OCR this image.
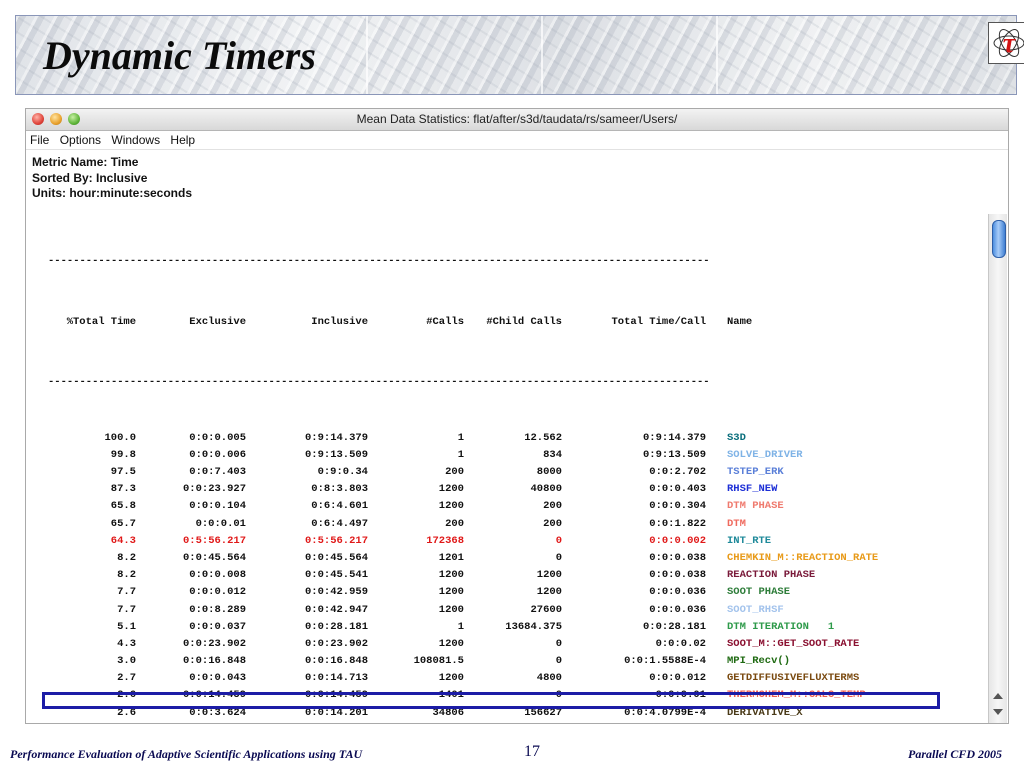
Dynamic Timers	τ
Mean Data Statistics: flat/after/s3d/taudata/rs/sameer/Users/
File Options Windows Help
Metric Name: Time
Sorted By: Inclusive
Units: hour:minute:seconds

---------------------------------------------------------------------------------------------------------

%Total Time	Exclusive	Inclusive	#Calls #Child Calls	Total Time/Call Name

---------------------------------------------------------------------------------------------------------

100.0	0:0:0.005	0:9:14.379	1	12.562	0:9:14.379 S3D
99.8	0:0:0.006	0:9:13.509	1	834	0:9:13.509 SOLVE_DRIVER
97.5	0:0:7.403	0:9:0.34	200	8000	0:0:2.702 TSTEP_ERK
87.3	0:0:23.927	0:8:3.803	1200	40800	0:0:0.403 RHSF_NEW
65.8	0:0:0.104	0:6:4.601	1200	200	0:0:0.304 DTM PHASE
65.7	0:0:0.01	0:6:4.497	200	200	0:0:1.822 DTM
64.3	0:5:56.217	0:5:56.217	172368	0	0:0:0.002 INT_RTE
8.2	0:0:45.564	0:0:45.564	1201	0	0:0:0.038 CHEMKIN_M::REACTION_RATE
8.2	0:0:0.008	0:0:45.541	1200	1200	0:0:0.038 REACTION PHASE
7.7	0:0:0.012	0:0:42.959	1200	1200	0:0:0.036 SOOT PHASE
7.7	0:0:8.289	0:0:42.947	1200	27600	0:0:0.036 SOOT_RHSF
5.1	0:0:0.037	0:0:28.181	1	13684.375	0:0:28.181 DTM ITERATION   1
4.3	0:0:23.902	0:0:23.902	1200	0	0:0:0.02 SOOT_M::GET_SOOT_RATE
3.0	0:0:16.848	0:0:16.848	108081.5	0	0:0:1.5588E-4 MPI_Recv()
2.7	0:0:0.043	0:0:14.713	1200	4800	0:0:0.012 GETDIFFUSIVEFLUXTERMS
2.6	0:0:14.459	0:0:14.459	1401	0	0:0:0.01 THERMCHEM_M::CALC_TEMP
2.6	0:0:3.624	0:0:14.201	34806	156627	0:0:4.0799E-4 DERIVATIVE_X

Performance Evaluation of Adaptive Scientific Applications using TAU	17	Parallel CFD 2005
